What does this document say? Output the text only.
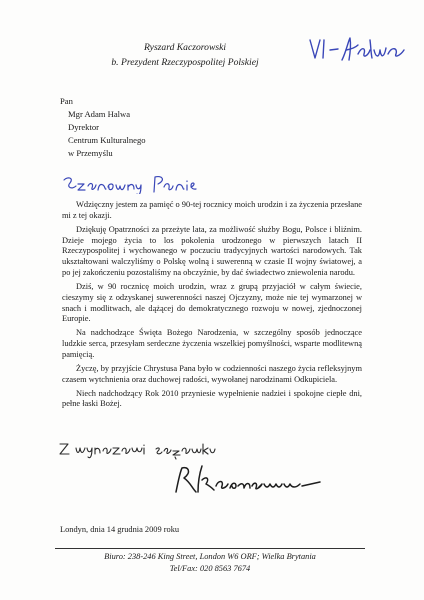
Ryszard Kaczorowski
b. Prezydent Rzeczypospolitej Polskiej
Pan
Mgr Adam Halwa
Dyrektor
Centrum Kulturalnego
w Przemyślu

Wdzięczny jestem za pamięć o 90-tej rocznicy moich urodzin i za życzenia przesłane mi z tej okazji.

Dziękuję Opatrzności za przeżyte lata, za możliwość służby Bogu, Polsce i bliźnim. Dzieje mojego życia to los pokolenia urodzonego w pierwszych latach II Rzeczypospolitej i wychowanego w poczuciu tradycyjnych wartości narodowych. Tak ukształtowani walczyliśmy o Polskę wolną i suwerenną w czasie II wojny światowej, a po jej zakończeniu pozostaliśmy na obczyźnie, by dać świadectwo zniewolenia narodu.

Dziś, w 90 rocznicę moich urodzin, wraz z grupą przyjaciół w całym świecie, cieszymy się z odzyskanej suwerenności naszej Ojczyzny, może nie tej wymarzonej w snach i modlitwach, ale dążącej do demokratycznego rozwoju w nowej, zjednoczonej Europie.

Na nadchodzące Święta Bożego Narodzenia, w szczególny sposób jednoczące ludzkie serca, przesyłam serdeczne życzenia wszelkiej pomyślności, wsparte modlitewną pamięcią.

Życzę, by przyjście Chrystusa Pana było w codzienności naszego życia refleksyjnym czasem wytchnienia oraz duchowej radości, wywołanej narodzinami Odkupiciela.

Niech nadchodzący Rok 2010 przyniesie wypełnienie nadziei i spokojne ciepłe dni, pełne łaski Bożej.

Londyn, dnia 14 grudnia 2009 roku
Biuro: 238-246 King Street, London W6 ORF; Wielka Brytania
Tel/Fax: 020 8563 7674
